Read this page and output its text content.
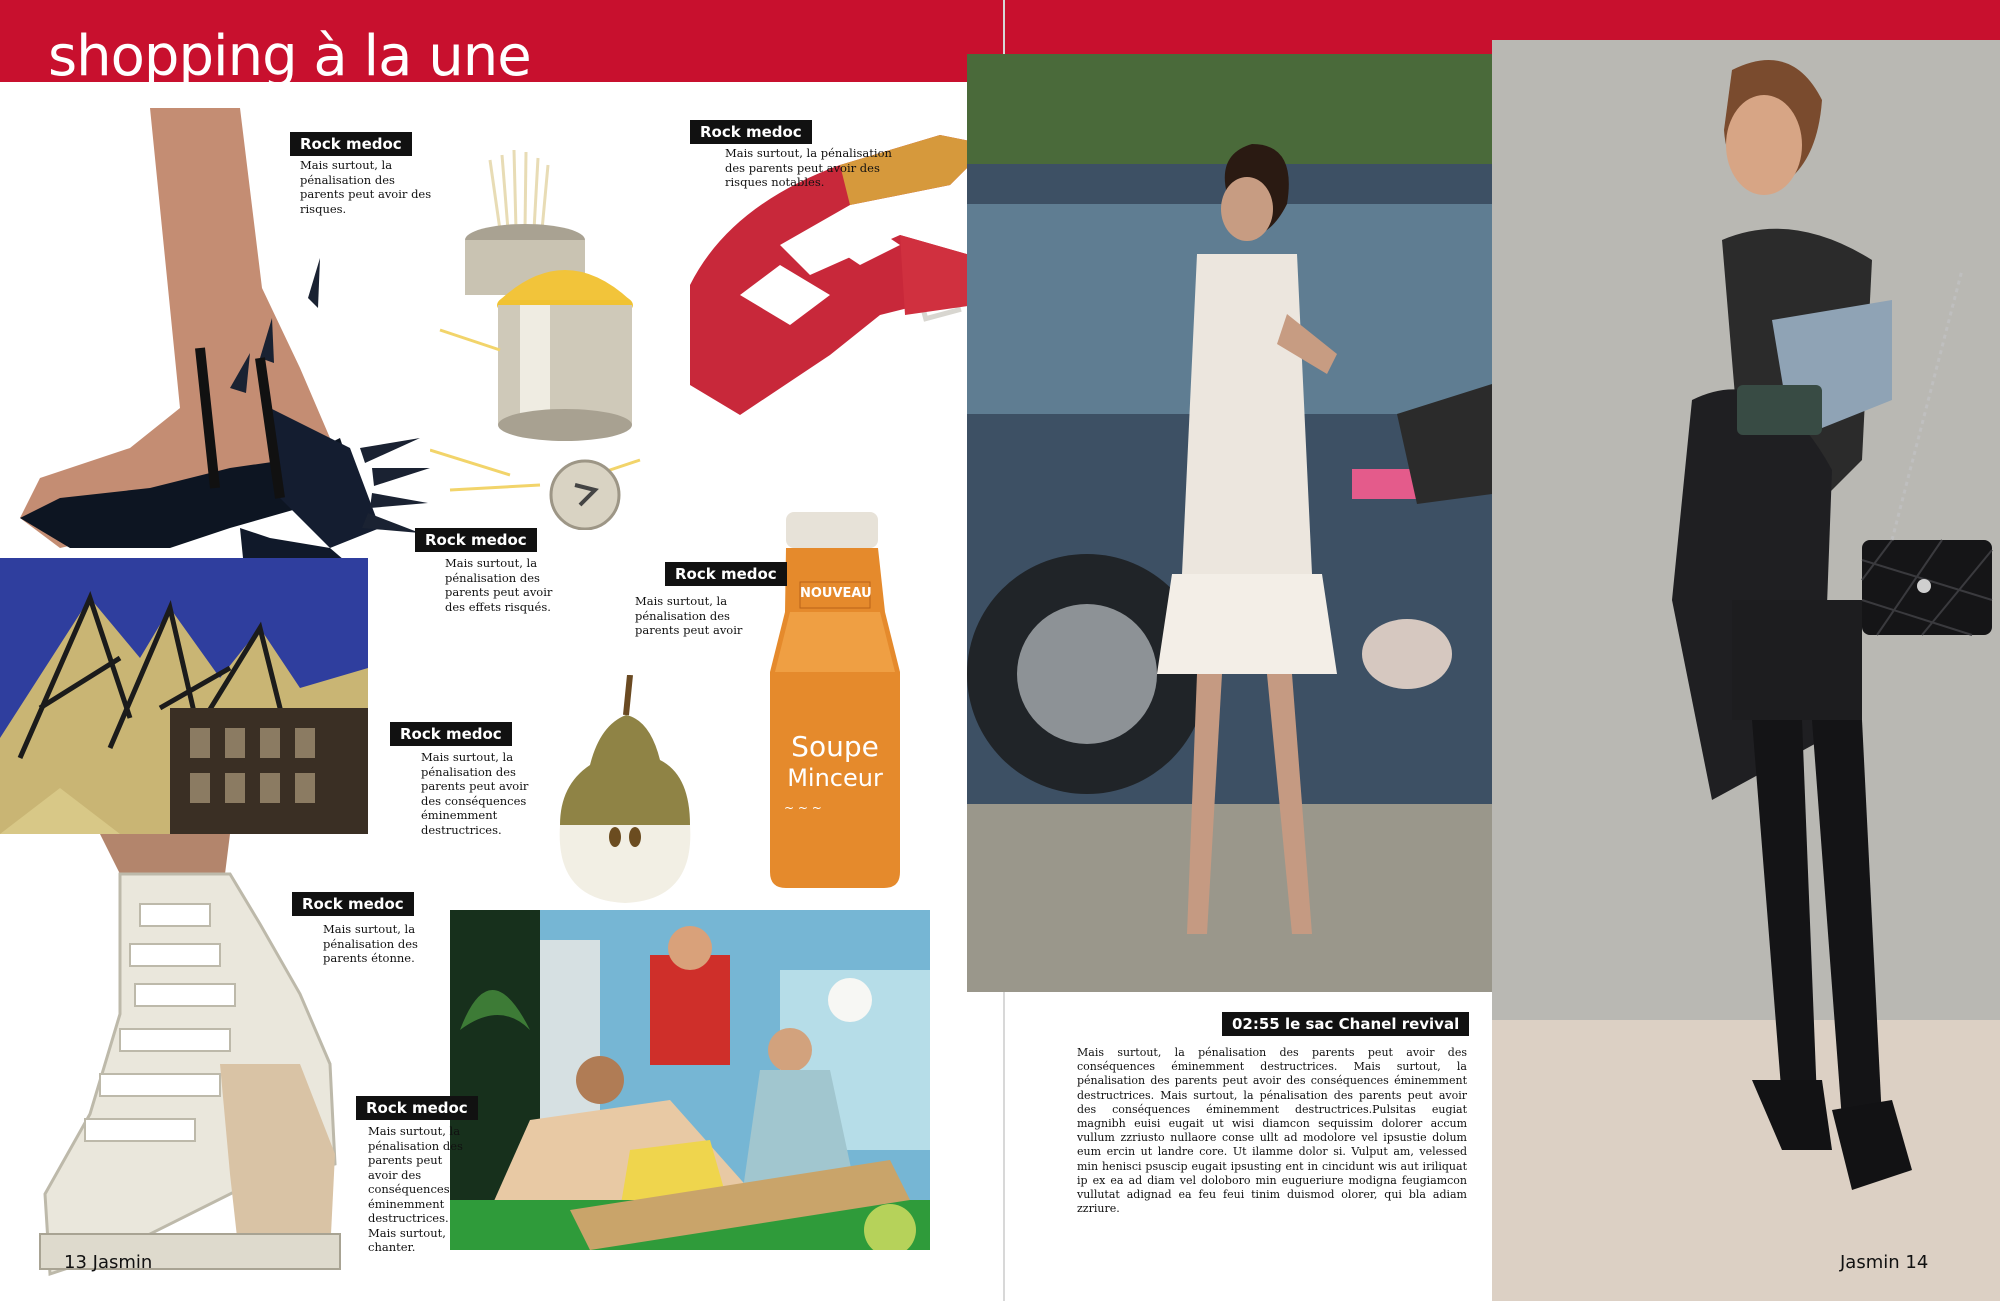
shopping à la une
~ ~ ~
NOUVEAU
Soupe
Minceur
Rock medoc
Mais surtout, la pénalisation des parents peut avoir des risques.
Rock medoc
Mais surtout, la pénalisation des parents peut avoir des risques notables.
Rock medoc
Mais surtout, la pénalisation des parents peut avoir des effets risqués.
Rock medoc
Mais surtout, la pénalisation des parents peut avoir
Rock medoc
Mais surtout, la pénalisation des parents peut avoir des conséquences éminemment destructrices.
Rock medoc
Mais surtout, la pénalisation des parents étonne.
Rock medoc
Mais surtout, la pénalisation des parents peut avoir des conséquences éminemment destructrices. Mais surtout, chanter.
13 Jasmin
02:55 le sac Chanel revival

Mais surtout, la pénalisation des parents peut avoir des conséquences éminemment destructrices. Mais surtout, la pénalisation des parents peut avoir des conséquences éminemment destructrices. Mais surtout, la pénalisation des parents peut avoir des conséquences éminemment destructrices.Pulsitas eugiat magnibh euisi eugait ut wisi diamcon sequissim dolorer accum vullum zzriusto nullaore conse ullt ad modolore vel ipsustie dolum eum ercin ut landre core. Ut ilamme dolor si. Vulput am, velessed min henisci psuscip eugait ipsusting ent in cincidunt wis aut iriliquat ip ex ea ad diam vel doloboro min eugueriure modigna feugiamcon vullutat adignad ea feu feui tinim duismod olorer, qui bla adiam zzriure.

Jasmin 14
